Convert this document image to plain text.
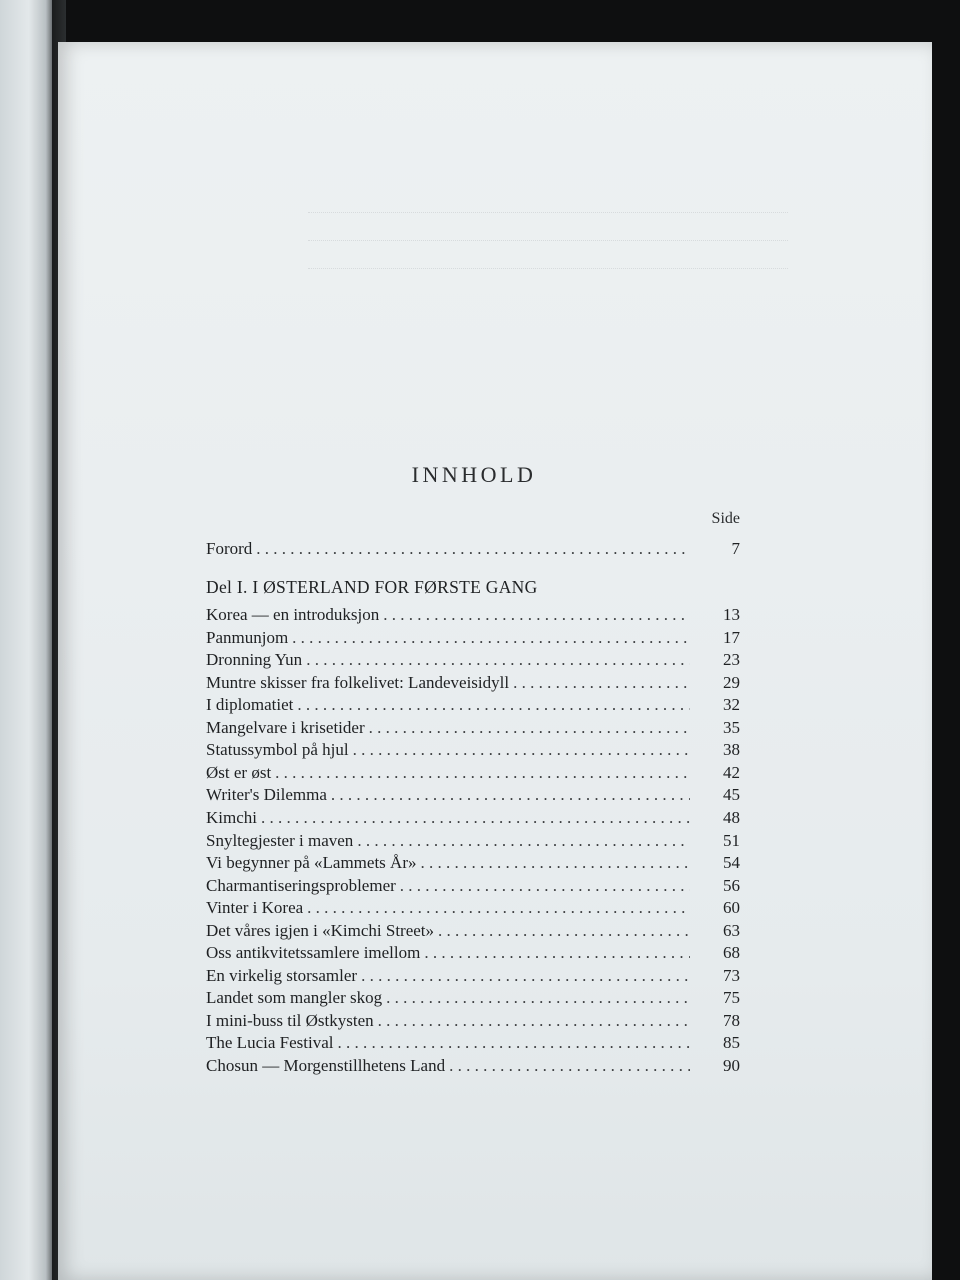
INNHOLD
Side
Forord . . .	7
Del I. I ØSTERLAND FOR FØRSTE GANG
Korea — en introduksjon . . .	13
Panmunjom . . .	17
Dronning Yun . . .	23
Muntre skisser fra folkelivet: Landeveisidyll . . .	29
I diplomatiet . . .	32
Mangelvare i krisetider . . .	35
Statussymbol på hjul . . .	38
Øst er øst . . .	42
Writer's Dilemma . . .	45
Kimchi . . .	48
Snyltegjester i maven . . .	51
Vi begynner på «Lammets År» . . .	54
Charmantiseringsproblemer . . .	56
Vinter i Korea . . .	60
Det våres igjen i «Kimchi Street» . . .	63
Oss antikvitetssamlere imellom . . .	68
En virkelig storsamler . . .	73
Landet som mangler skog . . .	75
I mini-buss til Østkysten . . .	78
The Lucia Festival . . .	85
Chosun — Morgenstillhetens Land . . .	90
